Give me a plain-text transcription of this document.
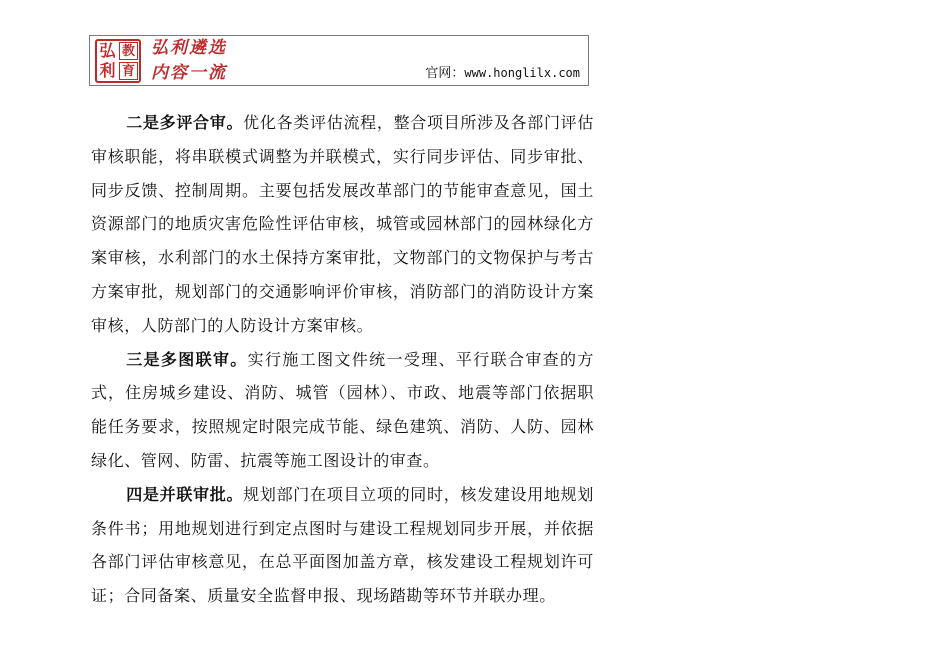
弘 教
利 育
弘利遴选
内容一流	官网：www.honglilx.com

二是多评合审。优化各类评估流程，整合项目所涉及各部门评估审核职能，将串联模式调整为并联模式，实行同步评估、同步审批、同步反馈、控制周期。主要包括发展改革部门的节能审查意见，国土资源部门的地质灾害危险性评估审核，城管或园林部门的园林绿化方案审核，水利部门的水土保持方案审批，文物部门的文物保护与考古方案审批，规划部门的交通影响评价审核，消防部门的消防设计方案审核，人防部门的人防设计方案审核。

三是多图联审。实行施工图文件统一受理、平行联合审查的方式，住房城乡建设、消防、城管（园林）、市政、地震等部门依据职能任务要求，按照规定时限完成节能、绿色建筑、消防、人防、园林绿化、管网、防雷、抗震等施工图设计的审查。

四是并联审批。规划部门在项目立项的同时，核发建设用地规划条件书；用地规划进行到定点图时与建设工程规划同步开展，并依据各部门评估审核意见，在总平面图加盖方章，核发建设工程规划许可证；合同备案、质量安全监督申报、现场踏勘等环节并联办理。
